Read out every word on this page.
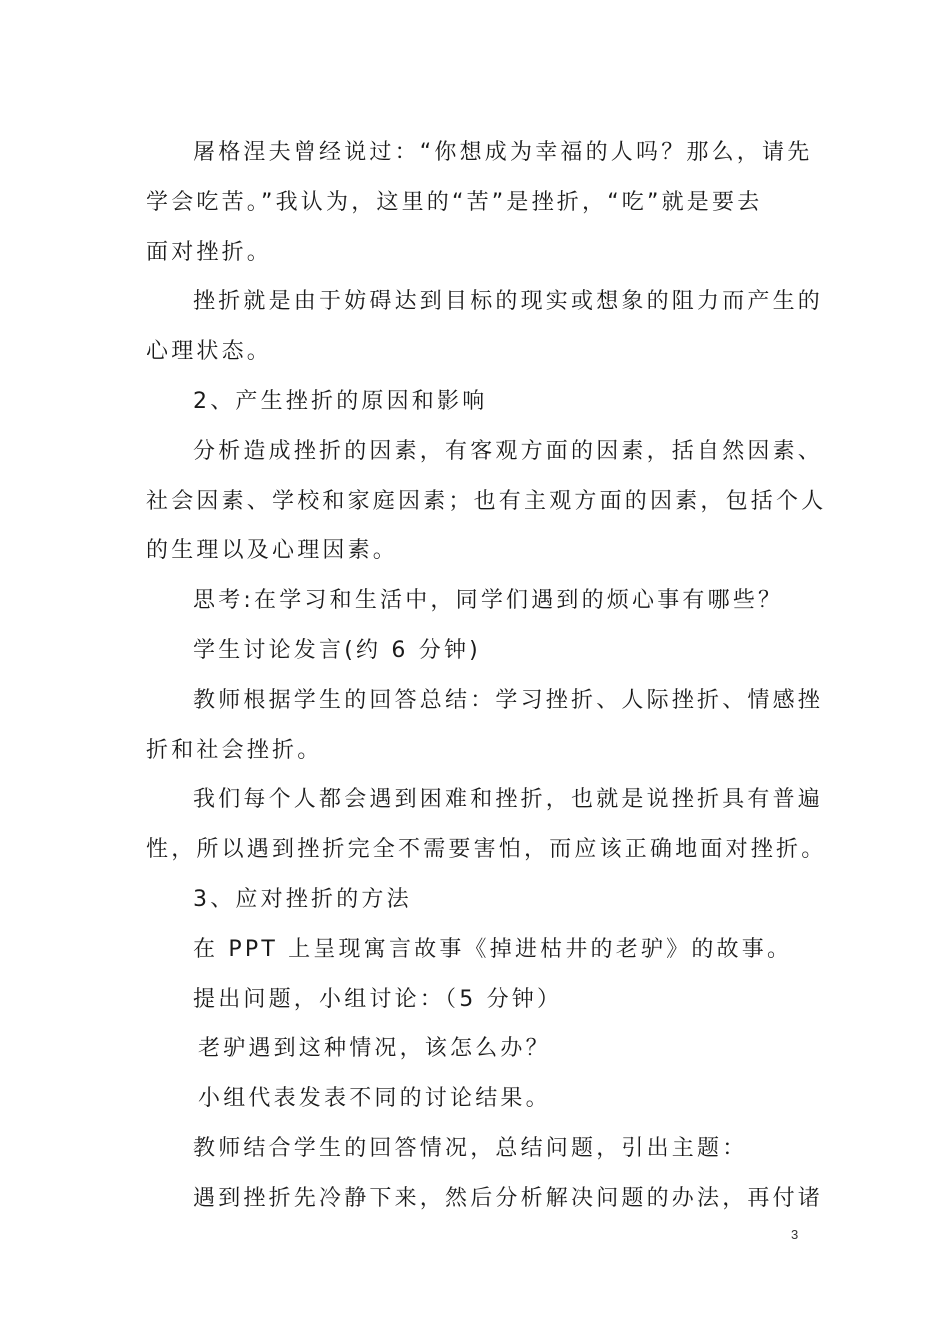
屠格涅夫曾经说过：“你想成为幸福的人吗？那么，请先
学会吃苦。”我认为，这里的“苦”是挫折，“吃”就是要去
面对挫折。
挫折就是由于妨碍达到目标的现实或想象的阻力而产生的
心理状态。
2、产生挫折的原因和影响
分析造成挫折的因素，有客观方面的因素，括自然因素、
社会因素、学校和家庭因素；也有主观方面的因素，包括个人
的生理以及心理因素。
思考:在学习和生活中，同学们遇到的烦心事有哪些？
学生讨论发言(约 6 分钟)
教师根据学生的回答总结：学习挫折、人际挫折、情感挫
折和社会挫折。
我们每个人都会遇到困难和挫折，也就是说挫折具有普遍
性，所以遇到挫折完全不需要害怕，而应该正确地面对挫折。
3、应对挫折的方法
在 PPT 上呈现寓言故事《掉进枯井的老驴》的故事。
提出问题，小组讨论：（5 分钟）
老驴遇到这种情况，该怎么办？
小组代表发表不同的讨论结果。
教师结合学生的回答情况，总结问题，引出主题：
遇到挫折先冷静下来，然后分析解决问题的办法，再付诸
3
